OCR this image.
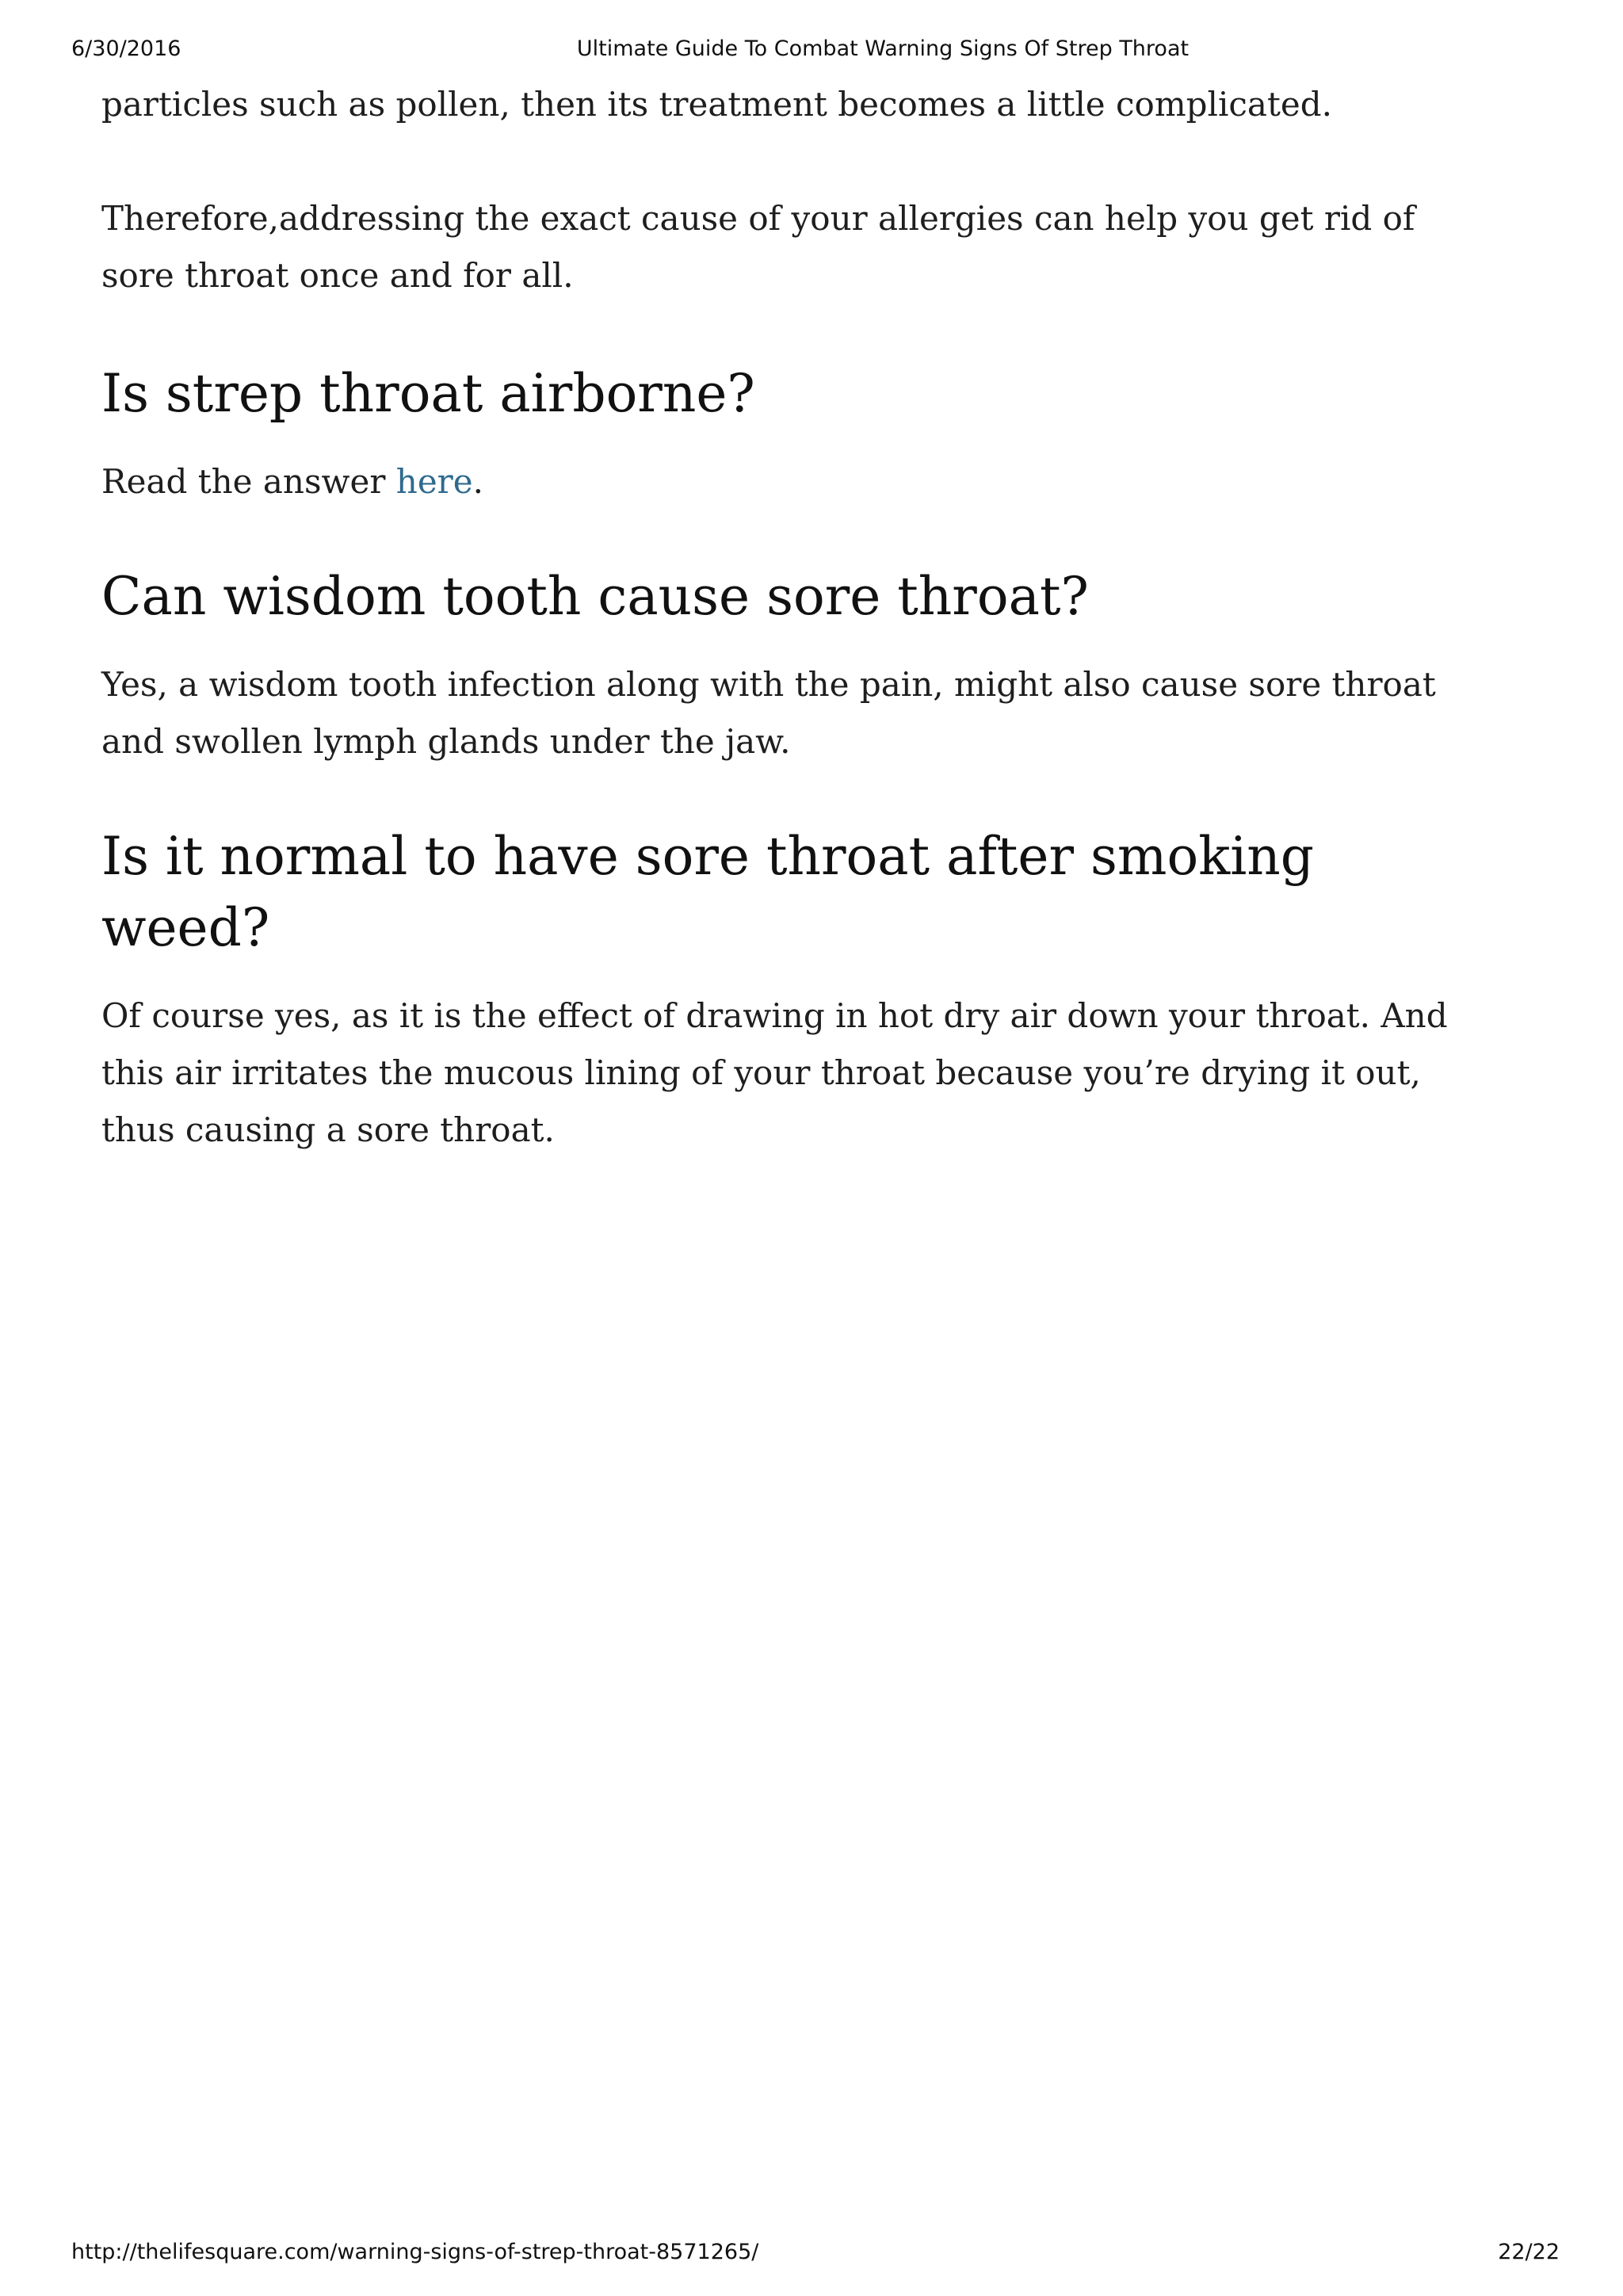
6/30/2016	Ultimate Guide To Combat Warning Signs Of Strep Throat

particles such as pollen, then its treatment becomes a little complicated.

Therefore,addressing the exact cause of your allergies can help you get rid of sore throat once and for all.

Is strep throat airborne?

Read the answer here.

Can wisdom tooth cause sore throat?

Yes, a wisdom tooth infection along with the pain, might also cause sore throat and swollen lymph glands under the jaw.

Is it normal to have sore throat after smoking weed?

Of course yes, as it is the effect of drawing in hot dry air down your throat. And this air irritates the mucous lining of your throat because you’re drying it out, thus causing a sore throat.

http://thelifesquare.com/warning-signs-of-strep-throat-8571265/	22/22
